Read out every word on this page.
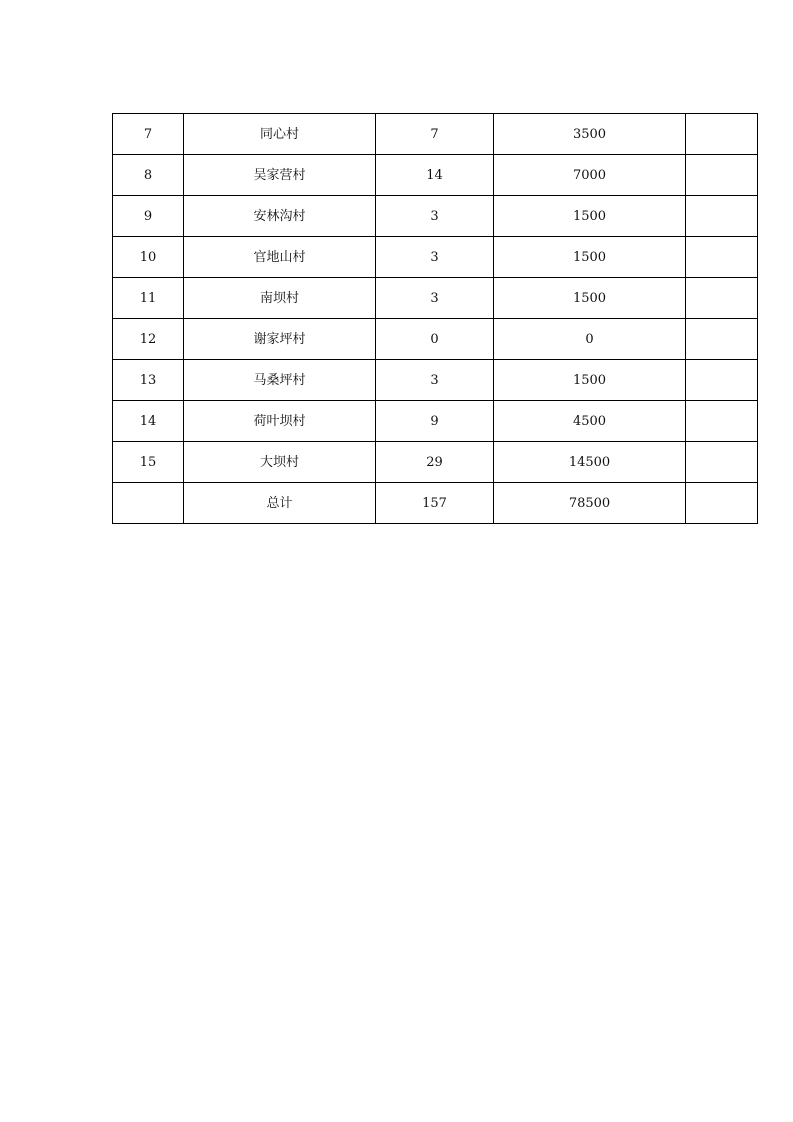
7	同心村	7	3500	
8	吴家营村	14	7000	
9	安林沟村	3	1500	
10	官地山村	3	1500	
11	南坝村	3	1500	
12	谢家坪村	0	0	
13	马桑坪村	3	1500	
14	荷叶坝村	9	4500	
15	大坝村	29	14500	
	总计	157	78500	
